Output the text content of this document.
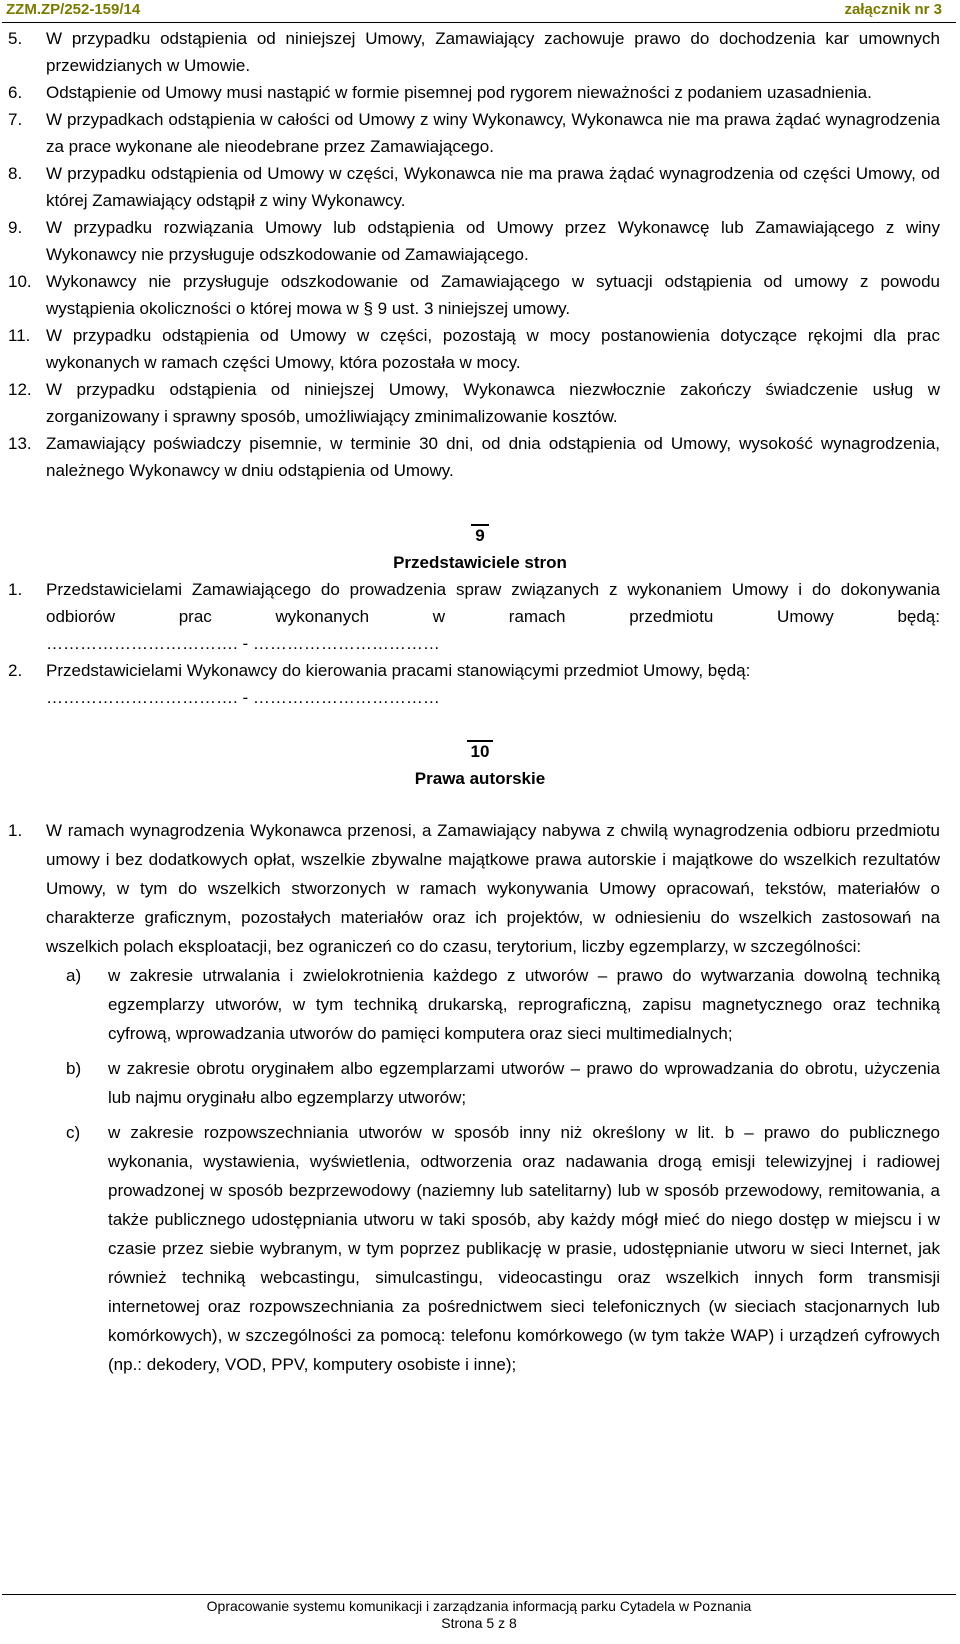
ZZM.ZP/252-159/14	załącznik nr 3
5. W przypadku odstąpienia od niniejszej Umowy, Zamawiający zachowuje prawo do dochodzenia kar umownych przewidzianych w Umowie.
6. Odstąpienie od Umowy musi nastąpić w formie pisemnej pod rygorem nieważności z podaniem uzasadnienia.
7. W przypadkach odstąpienia w całości od Umowy z winy Wykonawcy, Wykonawca nie ma prawa żądać wynagrodzenia za prace wykonane ale nieodebrane przez Zamawiającego.
8. W przypadku odstąpienia od Umowy w części, Wykonawca nie ma prawa żądać wynagrodzenia od części Umowy, od której Zamawiający odstąpił z winy Wykonawcy.
9. W przypadku rozwiązania Umowy lub odstąpienia od Umowy przez Wykonawcę lub Zamawiającego z winy Wykonawcy nie przysługuje odszkodowanie od Zamawiającego.
10. Wykonawcy nie przysługuje odszkodowanie od Zamawiającego w sytuacji odstąpienia od umowy z powodu wystąpienia okoliczności o której mowa w § 9 ust. 3 niniejszej umowy.
11. W przypadku odstąpienia od Umowy w części, pozostają w mocy postanowienia dotyczące rękojmi dla prac wykonanych w ramach części Umowy, która pozostała w mocy.
12. W przypadku odstąpienia od niniejszej Umowy, Wykonawca niezwłocznie zakończy świadczenie usług w zorganizowany i sprawny sposób, umożliwiający zminimalizowanie kosztów.
13. Zamawiający poświadczy pisemnie, w terminie 30 dni, od dnia odstąpienia od Umowy, wysokość wynagrodzenia, należnego Wykonawcy w dniu odstąpienia od Umowy.
9
Przedstawiciele stron
1. Przedstawicielami Zamawiającego do prowadzenia spraw związanych z wykonaniem Umowy i do dokonywania odbiorów prac wykonanych w ramach przedmiotu Umowy będą:
……………………………. - ……………………………
2. Przedstawicielami Wykonawcy do kierowania pracami stanowiącymi przedmiot Umowy, będą:
……………………………. - ……………………………
10
Prawa autorskie
1. W ramach wynagrodzenia Wykonawca przenosi, a Zamawiający nabywa z chwilą wynagrodzenia odbioru przedmiotu umowy i bez dodatkowych opłat, wszelkie zbywalne majątkowe prawa autorskie i majątkowe do wszelkich rezultatów Umowy, w tym do wszelkich stworzonych w ramach wykonywania Umowy opracowań, tekstów, materiałów o charakterze graficznym, pozostałych materiałów oraz ich projektów, w odniesieniu do wszelkich zastosowań na wszelkich polach eksploatacji, bez ograniczeń co do czasu, terytorium, liczby egzemplarzy, w szczególności:
a) w zakresie utrwalania i zwielokrotnienia każdego z utworów – prawo do wytwarzania dowolną techniką egzemplarzy utworów, w tym techniką drukarską, reprograficzną, zapisu magnetycznego oraz techniką cyfrową, wprowadzania utworów do pamięci komputera oraz sieci multimedialnych;
b) w zakresie obrotu oryginałem albo egzemplarzami utworów – prawo do wprowadzania do obrotu, użyczenia lub najmu oryginału albo egzemplarzy utworów;
c) w zakresie rozpowszechniania utworów w sposób inny niż określony w lit. b – prawo do publicznego wykonania, wystawienia, wyświetlenia, odtworzenia oraz nadawania drogą emisji telewizyjnej i radiowej prowadzonej w sposób bezprzewodowy (naziemny lub satelitarny) lub w sposób przewodowy, remitowania, a także publicznego udostępniania utworu w taki sposób, aby każdy mógł mieć do niego dostęp w miejscu i w czasie przez siebie wybranym, w tym poprzez publikację w prasie, udostępnianie utworu w sieci Internet, jak również techniką webcastingu, simulcastingu, videocastingu oraz wszelkich innych form transmisji internetowej oraz rozpowszechniania za pośrednictwem sieci telefonicznych (w sieciach stacjonarnych lub komórkowych), w szczególności za pomocą: telefonu komórkowego (w tym także WAP) i urządzeń cyfrowych (np.: dekodery, VOD, PPV, komputery osobiste i inne);
Opracowanie systemu komunikacji i zarządzania informacją parku Cytadela w Poznania
Strona 5 z 8
